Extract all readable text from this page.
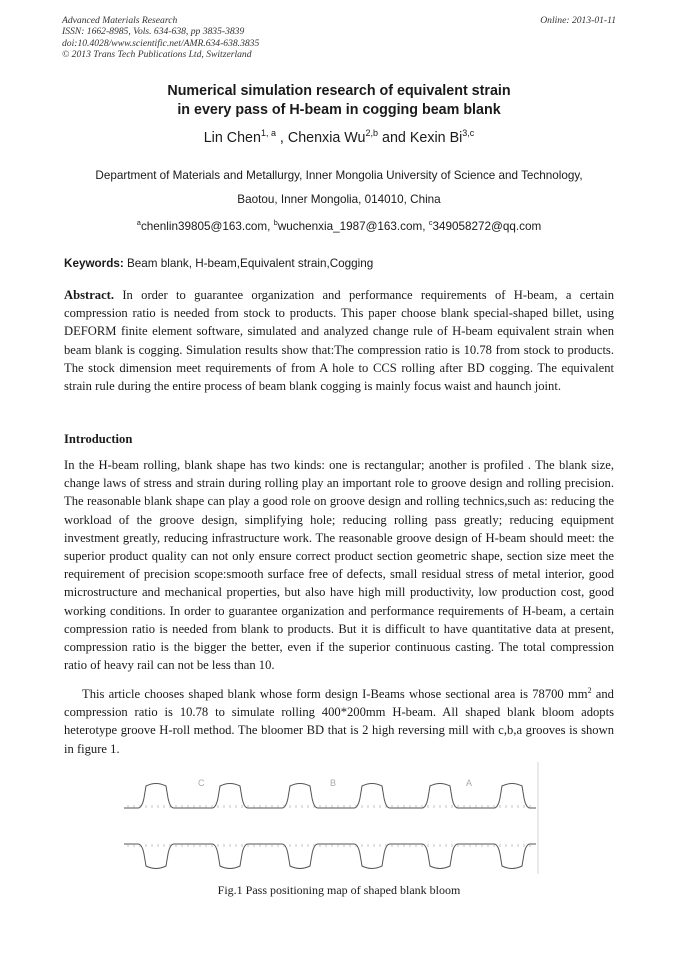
Advanced Materials Research
ISSN: 1662-8985, Vols. 634-638, pp 3835-3839
doi:10.4028/www.scientific.net/AMR.634-638.3835
© 2013 Trans Tech Publications Ltd, Switzerland
Online: 2013-01-11
Numerical simulation research of equivalent strain
in every pass of H-beam in cogging beam blank
Lin Chen$^{1, a}$ , Chenxia Wu$^{2,b}$ and Kexin Bi$^{3,c}$
Department of Materials and Metallurgy, Inner Mongolia University of Science and Technology,
Baotou, Inner Mongolia, 014010, China
$^a$chenlin39805@163.com, $^b$wuchenxia_1987@163.com, $^c$349058272@qq.com
Keywords: Beam blank, H-beam,Equivalent strain,Cogging
Abstract. In order to guarantee organization and performance requirements of H-beam, a certain compression ratio is needed from stock to products. This paper choose blank special-shaped billet, using DEFORM finite element software, simulated and analyzed change rule of H-beam equivalent strain when beam blank is cogging. Simulation results show that:The compression ratio is 10.78 from stock to products. The stock dimension meet requirements of from A hole to CCS rolling after BD cogging. The equivalent strain rule during the entire process of beam blank cogging is mainly focus waist and haunch joint.
Introduction
In the H-beam rolling, blank shape has two kinds: one is rectangular; another is profiled . The blank size, change laws of stress and strain during rolling play an important role to groove design and rolling precision. The reasonable blank shape can play a good role on groove design and rolling technics,such as: reducing the workload of the groove design, simplifying hole; reducing rolling pass greatly; reducing equipment investment greatly, reducing infrastructure work. The reasonable groove design of H-beam should meet: the superior product quality can not only ensure correct product section geometric shape, section size meet the requirement of precision scope:smooth surface free of defects, small residual stress of metal interior, good microstructure and mechanical properties, but also have high mill productivity, low production cost, good working conditions. In order to guarantee organization and performance requirements of H-beam, a certain compression ratio is needed from blank to products. But it is difficult to have quantitative data at present, compression ratio is the bigger the better, even if the superior continuous casting. The total compression ratio of heavy rail can not be less than 10.
This article chooses shaped blank whose form design I-Beams whose sectional area is 78700 $mm^2$ and compression ratio is 10.78 to simulate rolling 400*200mm H-beam. All shaped blank bloom adopts heterotype groove H-roll method. The bloomer BD that is 2 high reversing mill with c,b,a grooves is shown in figure 1.
C	B	A
Fig.1 Pass positioning map of shaped blank bloom
